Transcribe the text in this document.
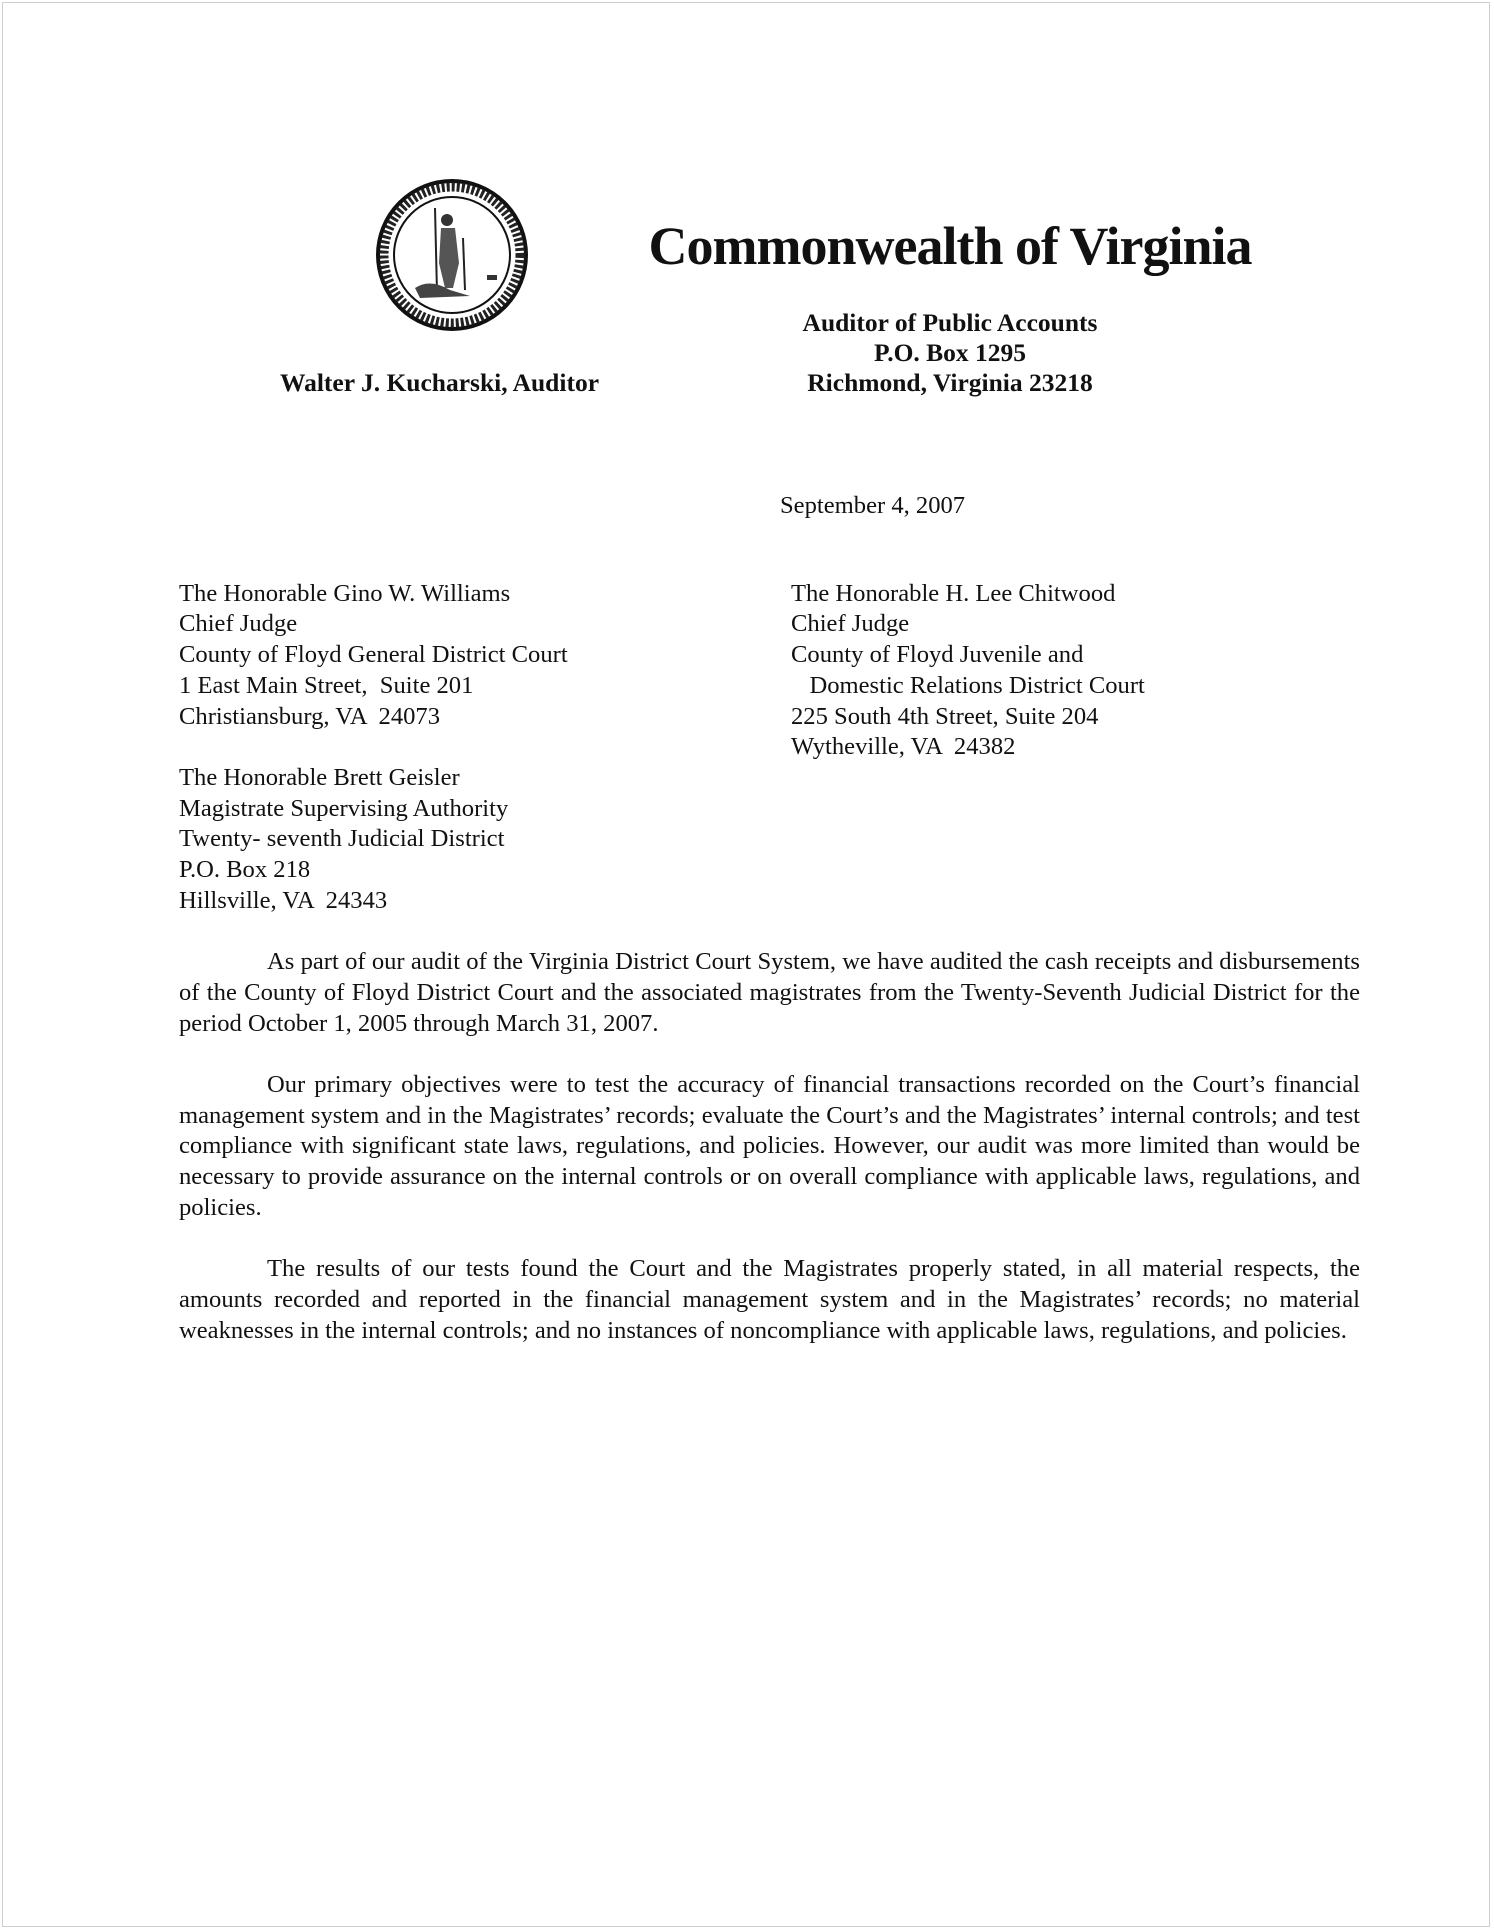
Commonwealth of Virginia
Auditor of Public Accounts
P.O. Box 1295
Richmond, Virginia 23218
Walter J. Kucharski, Auditor
September 4, 2007
The Honorable Gino W. Williams
Chief Judge
County of Floyd General District Court
1 East Main Street,  Suite 201
Christiansburg, VA  24073
The Honorable Brett Geisler
Magistrate Supervising Authority
Twenty- seventh Judicial District
P.O. Box 218
Hillsville, VA  24343
The Honorable H. Lee Chitwood
Chief Judge
County of Floyd Juvenile and
Domestic Relations District Court
225 South 4th Street, Suite 204
Wytheville, VA  24382

As part of our audit of the Virginia District Court System, we have audited the cash receipts and disbursements of the County of Floyd District Court and the associated magistrates from the Twenty-Seventh Judicial District for the period October 1, 2005 through March 31, 2007.

Our primary objectives were to test the accuracy of financial transactions recorded on the Court’s financial management system and in the Magistrates’ records; evaluate the Court’s and the Magistrates’ internal controls; and test compliance with significant state laws, regulations, and policies. However, our audit was more limited than would be necessary to provide assurance on the internal controls or on overall compliance with applicable laws, regulations, and policies.

The results of our tests found the Court and the Magistrates properly stated, in all material respects, the amounts recorded and reported in the financial management system and in the Magistrates’ records; no material weaknesses in the internal controls; and no instances of noncompliance with applicable laws, regulations, and policies.
